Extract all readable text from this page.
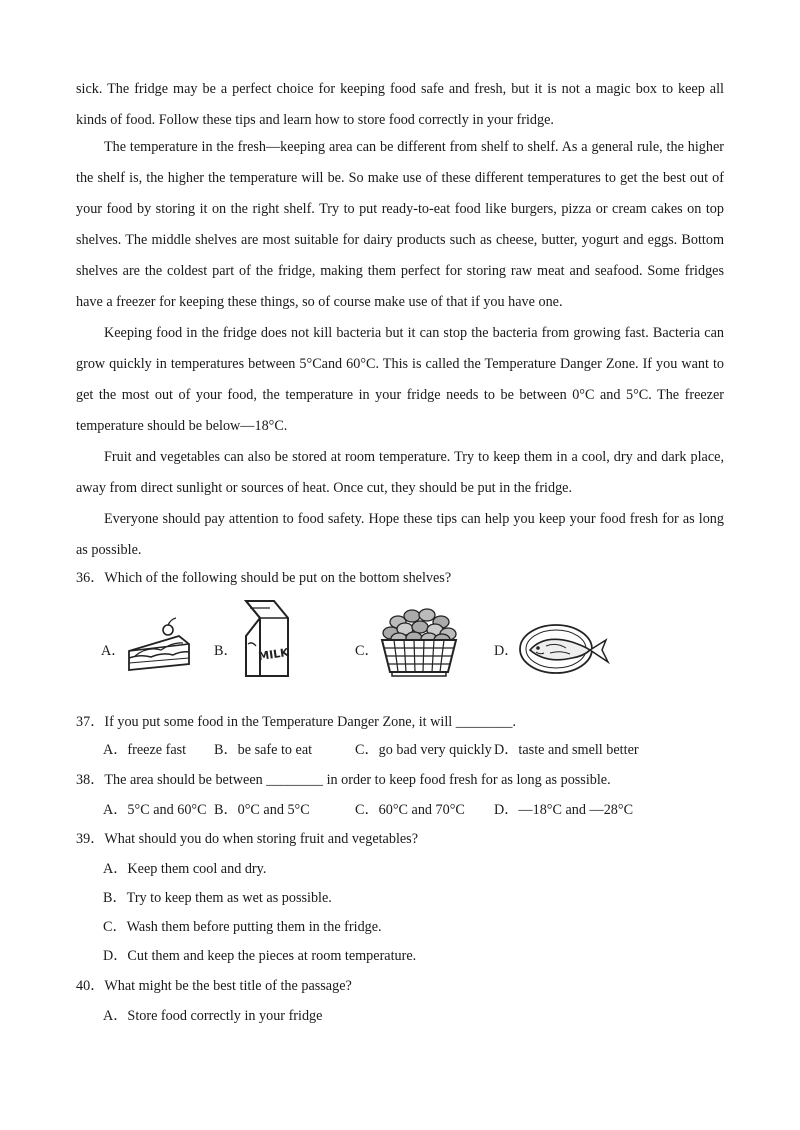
sick. The fridge may be a perfect choice for keeping food safe and fresh, but it is not a magic box to keep all kinds of food. Follow these tips and learn how to store food correctly in your fridge.

The temperature in the fresh—keeping area can be different from shelf to shelf. As a general rule, the higher the shelf is, the higher the temperature will be. So make use of these different temperatures to get the best out of your food by storing it on the right shelf. Try to put ready-to-eat food like burgers, pizza or cream cakes on top shelves. The middle shelves are most suitable for dairy products such as cheese, butter, yogurt and eggs. Bottom shelves are the coldest part of the fridge, making them perfect for storing raw meat and seafood. Some fridges have a freezer for keeping these things, so of course make use of that if you have one.

Keeping food in the fridge does not kill bacteria but it can stop the bacteria from growing fast. Bacteria can grow quickly in temperatures between 5°Cand 60°C. This is called the Temperature Danger Zone. If you want to get the most out of your food, the temperature in your fridge needs to be between 0°C and 5°C. The freezer temperature should be below—18°C.

Fruit and vegetables can also be stored at room temperature. Try to keep them in a cool, dry and dark place, away from direct sunlight or sources of heat. Once cut, they should be put in the fridge.

Everyone should pay attention to food safety. Hope these tips can help you keep your food fresh for as long as possible.

36．Which of the following should be put on the bottom shelves?
A．	B． MILK	C．	D．
37．If you put some food in the Temperature Danger Zone, it will ________.
A．freeze fast B．be safe to eat	C．go bad very quickly D．taste and smell better
38．The area should be between ________ in order to keep food fresh for as long as possible.
A．5°C and 60°C B．0°C and 5°C	C．60°C and 70°C D．—18°C and —28°C
39．What should you do when storing fruit and vegetables?
A．Keep them cool and dry.
B．Try to keep them as wet as possible.
C．Wash them before putting them in the fridge.
D．Cut them and keep the pieces at room temperature.
40．What might be the best title of the passage?
A．Store food correctly in your fridge
